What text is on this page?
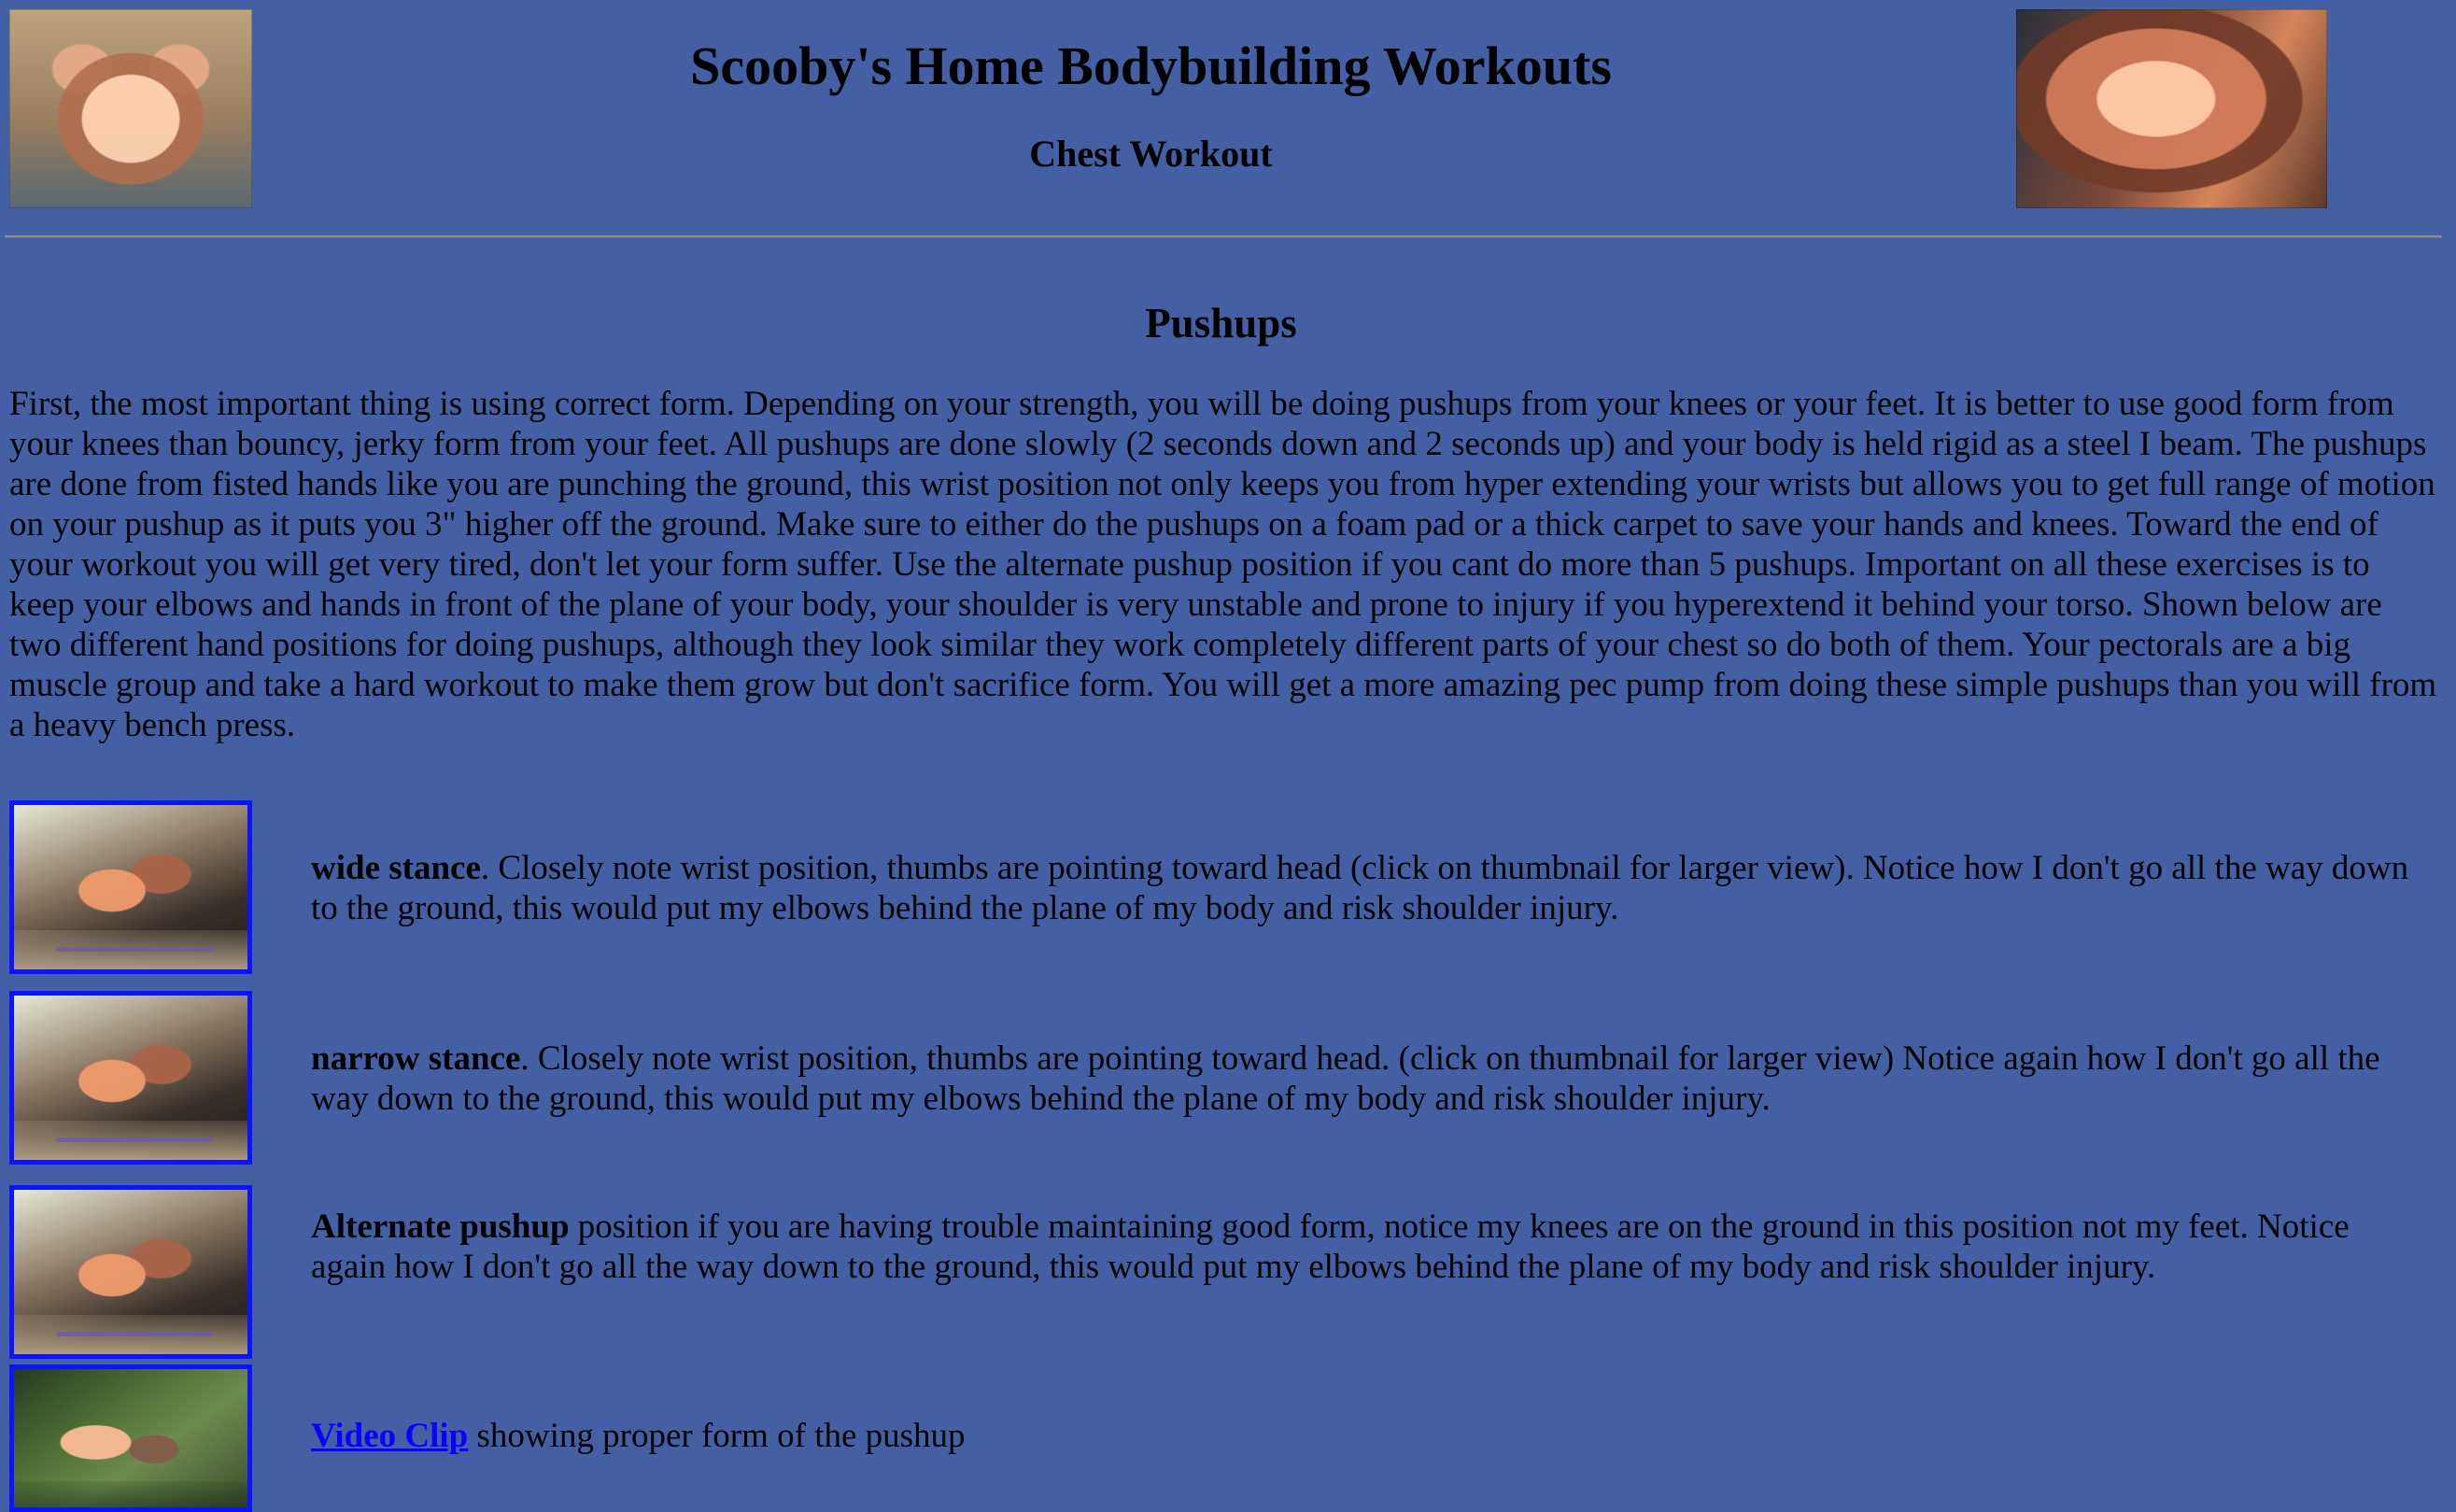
Scooby's Home Bodybuilding Workouts
Chest Workout
Pushups

First, the most important thing is using correct form. Depending on your strength, you will be doing pushups from your knees or your feet. It is better to use good form from your knees than bouncy, jerky form from your feet. All pushups are done slowly (2 seconds down and 2 seconds up) and your body is held rigid as a steel I beam. The pushups are done from fisted hands like you are punching the ground, this wrist position not only keeps you from hyper extending your wrists but allows you to get full range of motion on your pushup as it puts you 3" higher off the ground. Make sure to either do the pushups on a foam pad or a thick carpet to save your hands and knees. Toward the end of your workout you will get very tired, don't let your form suffer. Use the alternate pushup position if you cant do more than 5 pushups. Important on all these exercises is to keep your elbows and hands in front of the plane of your body, your shoulder is very unstable and prone to injury if you hyperextend it behind your torso. Shown below are two different hand positions for doing pushups, although they look similar they work completely different parts of your chest so do both of them. Your pectorals are a big muscle group and take a hard workout to make them grow but don't sacrifice form. You will get a more amazing pec pump from doing these simple pushups than you will from a heavy bench press.

wide stance. Closely note wrist position, thumbs are pointing toward head (click on thumbnail for larger view). Notice how I don't go all the way down to the ground, this would put my elbows behind the plane of my body and risk shoulder injury.

narrow stance. Closely note wrist position, thumbs are pointing toward head. (click on thumbnail for larger view) Notice again how I don't go all the way down to the ground, this would put my elbows behind the plane of my body and risk shoulder injury.

Alternate pushup position if you are having trouble maintaining good form, notice my knees are on the ground in this position not my feet. Notice again how I don't go all the way down to the ground, this would put my elbows behind the plane of my body and risk shoulder injury.

Video Clip showing proper form of the pushup
